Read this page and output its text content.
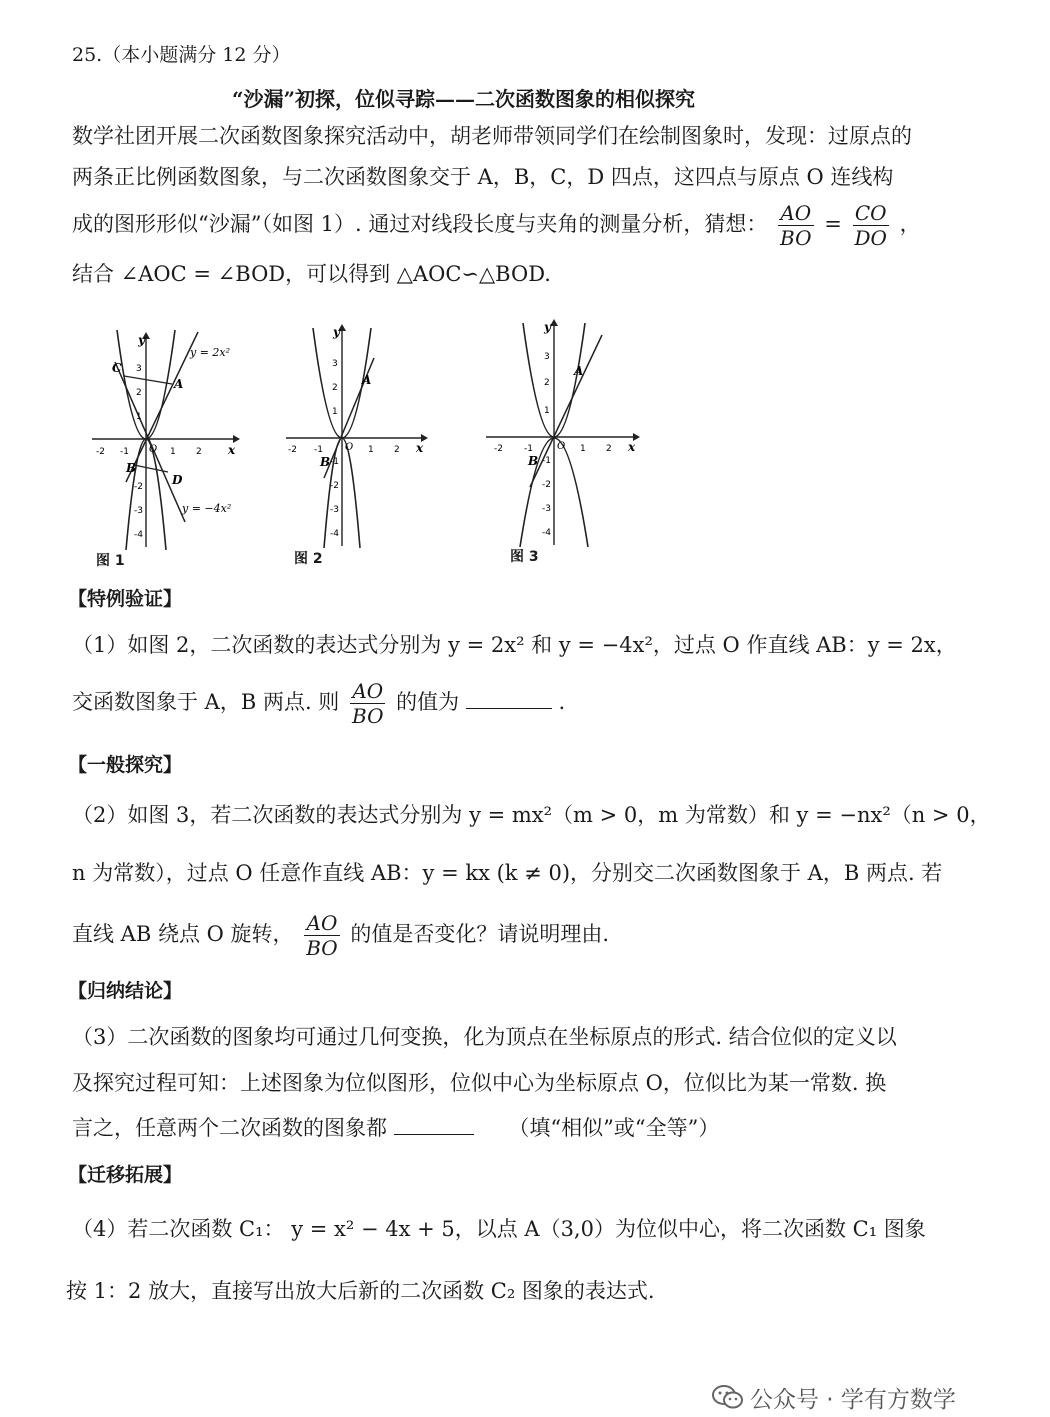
25.（本小题满分 12 分）
“沙漏”初探，位似寻踪——二次函数图象的相似探究
数学社团开展二次函数图象探究活动中，胡老师带领同学们在绘制图象时，发现：过原点的
两条正比例函数图象，与二次函数图象交于 A，B，C，D 四点，这四点与原点 O 连线构
成的图形形似“沙漏”（如图 1）. 通过对线段长度与夹角的测量分析，猜想： $\frac{AO}{BO} = \frac{CO}{DO}$ ，
结合 ∠AOC = ∠BOD，可以得到 △AOC∽△BOD.
x
y
y = 2x²
y = −4x²
C
A
B
D
O
-2 -1	1 2
1
2
3
-2
-3
-4
图 1
x
y
A
B
O
-2 -1	1 2
1
2
3
-1
-2
-3
-4
图 2
x
y
A
B
O
-2 -1	1 2
1
2
3
-1
-2
-3
-4
图 3
【特例验证】
（1）如图 2，二次函数的表达式分别为 y = 2x² 和 y = −4x²，过点 O 作直线 AB：y = 2x，
交函数图象于 A，B 两点. 则 $\frac{AO}{BO}$ 的值为	.
【一般探究】
（2）如图 3，若二次函数的表达式分别为 y = mx²（m > 0，m 为常数）和 y = −nx²（n > 0，
n 为常数），过点 O 任意作直线 AB：y = kx (k ≠ 0)，分别交二次函数图象于 A，B 两点. 若
直线 AB 绕点 O 旋转， $\frac{AO}{BO}$ 的值是否变化？请说明理由.
【归纳结论】
（3）二次函数的图象均可通过几何变换，化为顶点在坐标原点的形式. 结合位似的定义以
及探究过程可知：上述图象为位似图形，位似中心为坐标原点 O，位似比为某一常数. 换
言之，任意两个二次函数的图象都	（填“相似”或“全等”）
【迁移拓展】
（4）若二次函数 C₁： y = x² − 4x + 5，以点 A（3,0）为位似中心，将二次函数 C₁ 图象
按 1：2 放大，直接写出放大后新的二次函数 C₂ 图象的表达式.
公众号 · 学有方数学
